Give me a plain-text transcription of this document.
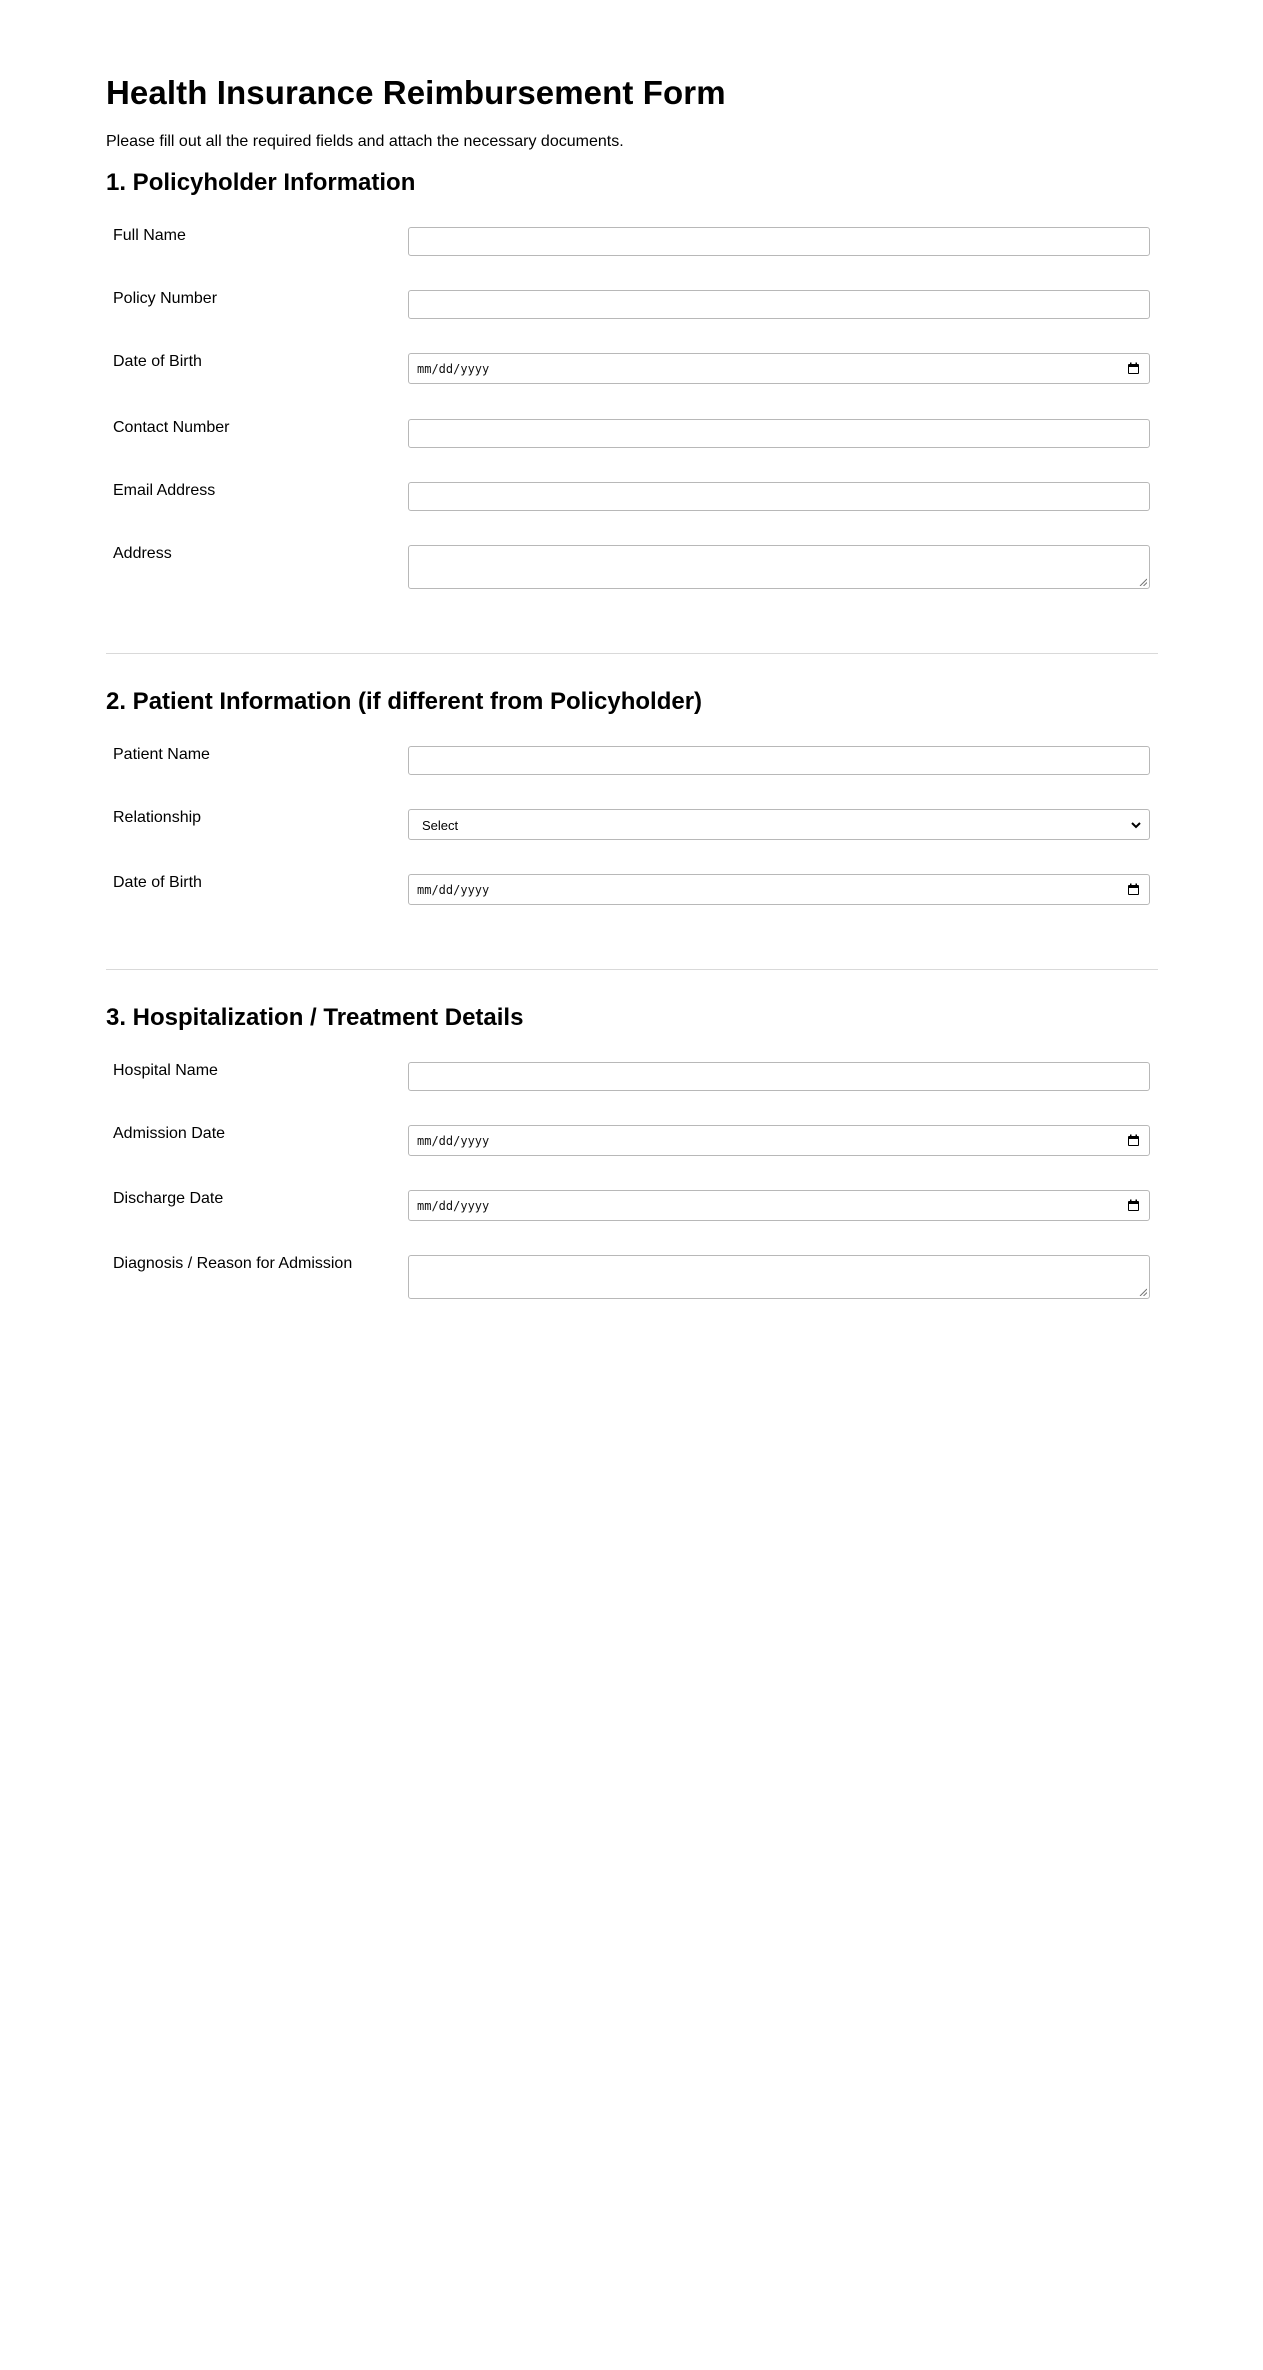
Health Insurance Reimbursement Form

Please fill out all the required fields and attach the necessary documents.

1. Policyholder Information
Full Name
Policy Number
Date of Birth	mm/dd/yyyy
Contact Number
Email Address
Address
2. Patient Information (if different from Policyholder)
Patient Name
Relationship	Select
Date of Birth	mm/dd/yyyy
3. Hospitalization / Treatment Details
Hospital Name
Admission Date	mm/dd/yyyy
Discharge Date	mm/dd/yyyy
Diagnosis / Reason for Admission
